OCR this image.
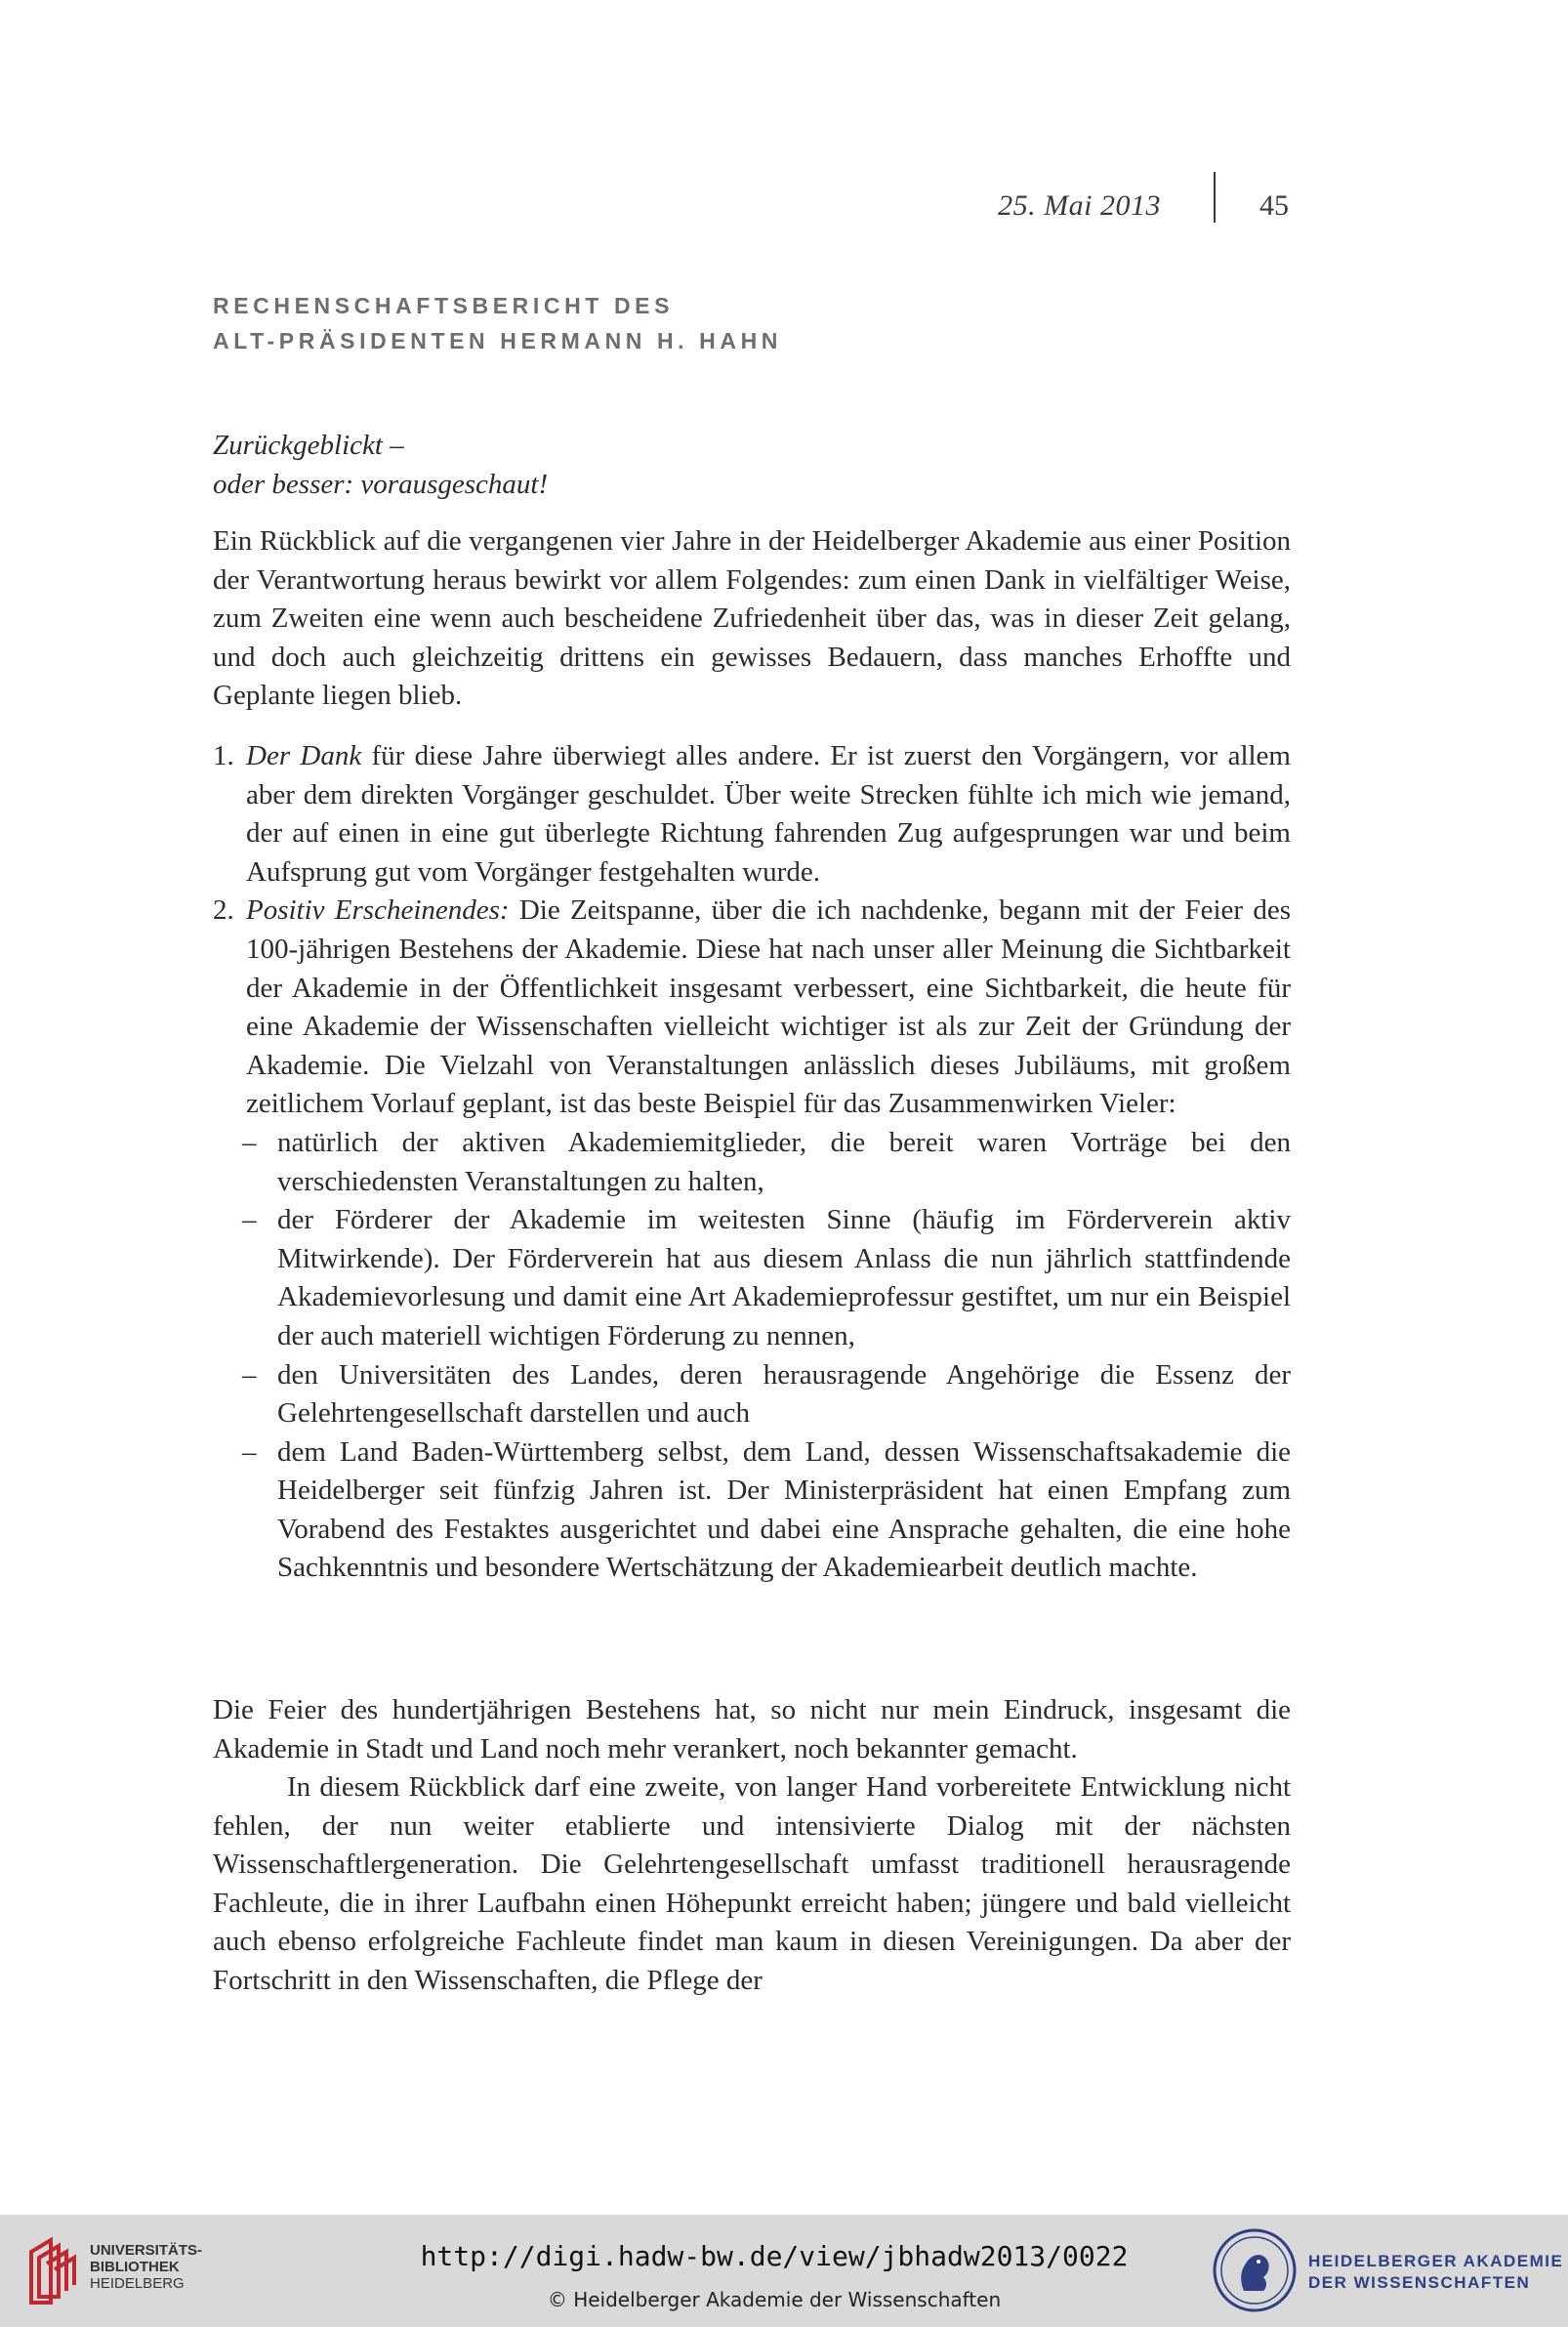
25. Mai 2013	45
RECHENSCHAFTSBERICHT DES
ALT-PRÄSIDENTEN HERMANN H. HAHN
Zurückgeblickt –
oder besser: vorausgeschaut!

Ein Rückblick auf die vergangenen vier Jahre in der Heidelberger Akademie aus einer Position der Verantwortung heraus bewirkt vor allem Folgendes: zum einen Dank in vielfältiger Weise, zum Zweiten eine wenn auch bescheidene Zufriedenheit über das, was in dieser Zeit gelang, und doch auch gleichzeitig drittens ein gewisses Bedauern, dass manches Erhoffte und Geplante liegen blieb.

1. Der Dank für diese Jahre überwiegt alles andere. Er ist zuerst den Vorgängern, vor allem aber dem direkten Vorgänger geschuldet. Über weite Strecken fühlte ich mich wie jemand, der auf einen in eine gut überlegte Richtung fahrenden Zug aufgesprungen war und beim Aufsprung gut vom Vorgänger festgehalten wurde.
2. Positiv Erscheinendes: Die Zeitspanne, über die ich nachdenke, begann mit der Feier des 100-jährigen Bestehens der Akademie. Diese hat nach unser aller Meinung die Sichtbarkeit der Akademie in der Öffentlichkeit insgesamt verbessert, eine Sichtbarkeit, die heute für eine Akademie der Wissenschaften vielleicht wichtiger ist als zur Zeit der Gründung der Akademie. Die Vielzahl von Veranstaltungen anlässlich dieses Jubiläums, mit großem zeitlichem Vorlauf geplant, ist das beste Beispiel für das Zusammenwirken Vieler:
– natürlich der aktiven Akademiemitglieder, die bereit waren Vorträge bei den verschiedensten Veranstaltungen zu halten,
– der Förderer der Akademie im weitesten Sinne (häufig im Förderverein aktiv Mitwirkende). Der Förderverein hat aus diesem Anlass die nun jährlich stattfindende Akademievorlesung und damit eine Art Akademieprofessur gestiftet, um nur ein Beispiel der auch materiell wichtigen Förderung zu nennen,
– den Universitäten des Landes, deren herausragende Angehörige die Essenz der Gelehrtengesellschaft darstellen und auch
– dem Land Baden-Württemberg selbst, dem Land, dessen Wissenschaftsakademie die Heidelberger seit fünfzig Jahren ist. Der Ministerpräsident hat einen Empfang zum Vorabend des Festaktes ausgerichtet und dabei eine Ansprache gehalten, die eine hohe Sachkenntnis und besondere Wertschätzung der Akademiearbeit deutlich machte.

Die Feier des hundertjährigen Bestehens hat, so nicht nur mein Eindruck, insgesamt die Akademie in Stadt und Land noch mehr verankert, noch bekannter gemacht.

In diesem Rückblick darf eine zweite, von langer Hand vorbereitete Entwicklung nicht fehlen, der nun weiter etablierte und intensivierte Dialog mit der nächsten Wissenschaftlergeneration. Die Gelehrtengesellschaft umfasst traditionell herausragende Fachleute, die in ihrer Laufbahn einen Höhepunkt erreicht haben; jüngere und bald vielleicht auch ebenso erfolgreiche Fachleute findet man kaum in diesen Vereinigungen. Da aber der Fortschritt in den Wissenschaften, die Pflege der

UNIVERSITÄTS-
BIBLIOTHEK
HEIDELBERG
http://digi.hadw-bw.de/view/jbhadw2013/0022
© Heidelberger Akademie der Wissenschaften
HEIDELBERGER AKADEMIE
DER WISSENSCHAFTEN
